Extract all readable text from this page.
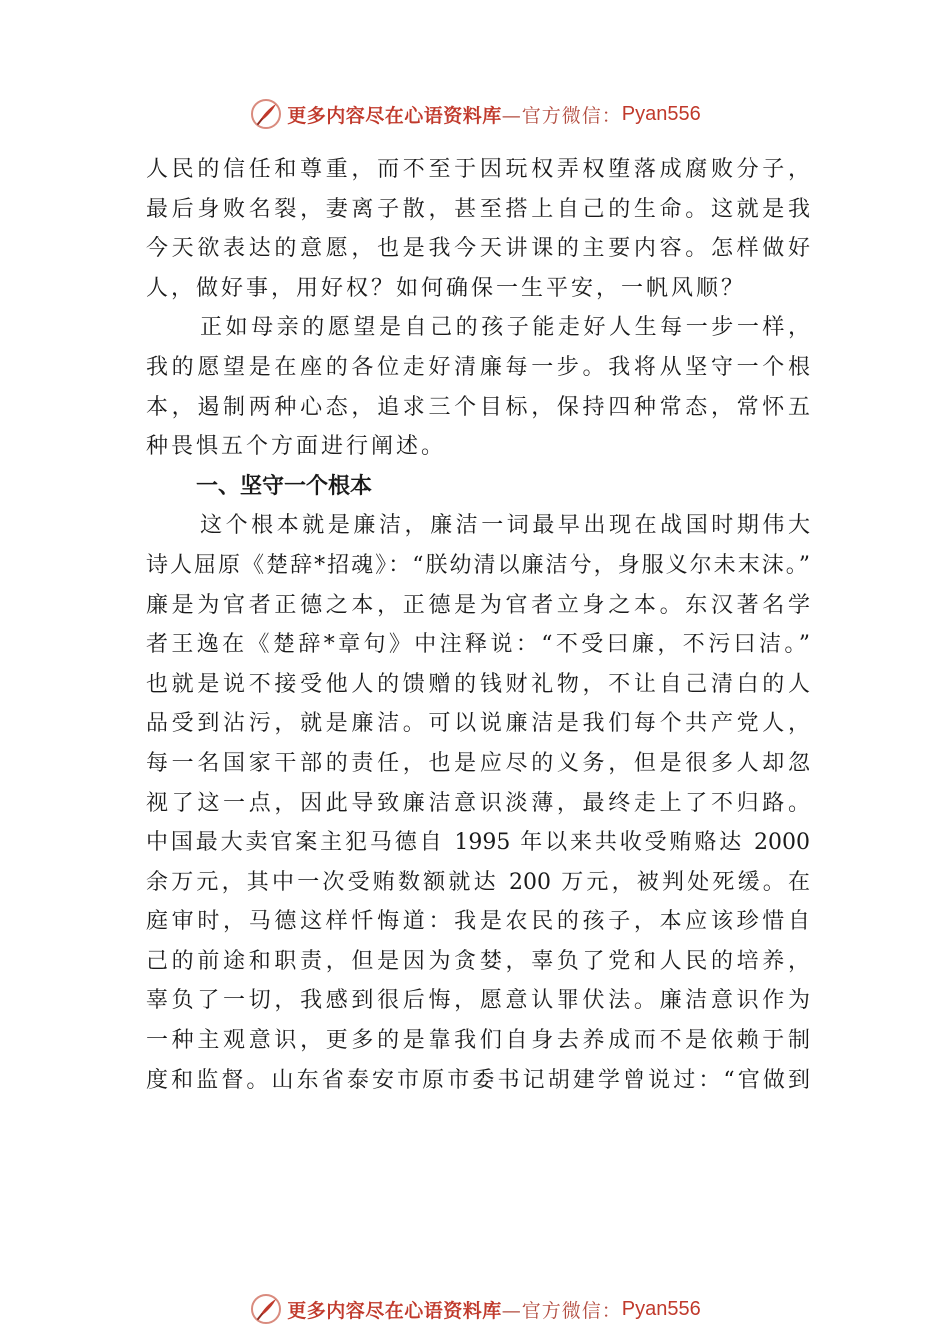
更多内容尽在心语资料库 —官方微信： Pyan556
人民的信任和尊重，而不至于因玩权弄权堕落成腐败分子，
最后身败名裂，妻离子散，甚至搭上自己的生命。这就是我
今天欲表达的意愿，也是我今天讲课的主要内容。怎样做好
人，做好事，用好权？如何确保一生平安，一帆风顺？
正如母亲的愿望是自己的孩子能走好人生每一步一样，
我的愿望是在座的各位走好清廉每一步。我将从坚守一个根
本，遏制两种心态，追求三个目标，保持四种常态，常怀五
种畏惧五个方面进行阐述。
一、坚守一个根本
这个根本就是廉洁，廉洁一词最早出现在战国时期伟大
诗人屈原《楚辞*招魂》：“朕幼清以廉洁兮，身服义尔未末沫。”
廉是为官者正德之本，正德是为官者立身之本。东汉著名学
者王逸在《楚辞*章句》中注释说：“不受曰廉，不污曰洁。”
也就是说不接受他人的馈赠的钱财礼物，不让自己清白的人
品受到沾污，就是廉洁。可以说廉洁是我们每个共产党人，
每一名国家干部的责任，也是应尽的义务，但是很多人却忽
视了这一点，因此导致廉洁意识淡薄，最终走上了不归路。
中国最大卖官案主犯马德自 1995 年以来共收受贿赂达 2000
余万元，其中一次受贿数额就达 200 万元，被判处死缓。在
庭审时，马德这样忏悔道：我是农民的孩子，本应该珍惜自
己的前途和职责，但是因为贪婪，辜负了党和人民的培养，
辜负了一切，我感到很后悔，愿意认罪伏法。廉洁意识作为
一种主观意识，更多的是靠我们自身去养成而不是依赖于制
度和监督。山东省泰安市原市委书记胡建学曾说过：“官做到
更多内容尽在心语资料库 —官方微信： Pyan556
